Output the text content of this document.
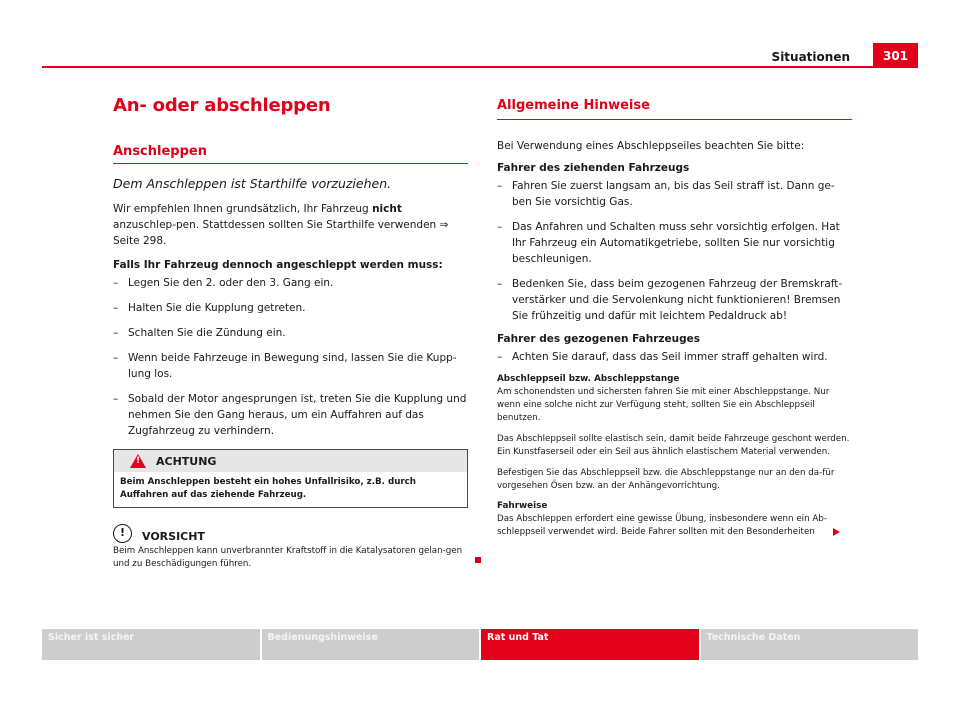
Situationen	301
An- oder abschleppen
Anschleppen
Dem Anschleppen ist Starthilfe vorzuziehen.

Wir empfehlen Ihnen grundsätzlich, Ihr Fahrzeug nicht anzuschlep-pen. Stattdessen sollten Sie Starthilfe verwenden ⇒ Seite 298.

Falls Ihr Fahrzeug dennoch angeschleppt werden muss:
– Legen Sie den 2. oder den 3. Gang ein.
– Halten Sie die Kupplung getreten.
– Schalten Sie die Zündung ein.
– Wenn beide Fahrzeuge in Bewegung sind, lassen Sie die Kupp-lung los.
– Sobald der Motor angesprungen ist, treten Sie die Kupplung und nehmen Sie den Gang heraus, um ein Auffahren auf das Zugfahrzeug zu verhindern.
! ACHTUNG
Beim Anschleppen besteht ein hohes Unfallrisiko, z.B. durch Auffahren auf das ziehende Fahrzeug.
!	VORSICHT

Beim Anschleppen kann unverbrannter Kraftstoff in die Katalysatoren gelan-gen und zu Beschädigungen führen.

Allgemeine Hinweise

Bei Verwendung eines Abschleppseiles beachten Sie bitte:

Fahrer des ziehenden Fahrzeugs
– Fahren Sie zuerst langsam an, bis das Seil straff ist. Dann ge-ben Sie vorsichtig Gas.
– Das Anfahren und Schalten muss sehr vorsichtig erfolgen. Hat Ihr Fahrzeug ein Automatikgetriebe, sollten Sie nur vorsichtig beschleunigen.
– Bedenken Sie, dass beim gezogenen Fahrzeug der Bremskraft-verstärker und die Servolenkung nicht funktionieren! Bremsen Sie frühzeitig und dafür mit leichtem Pedaldruck ab!
Fahrer des gezogenen Fahrzeuges
– Achten Sie darauf, dass das Seil immer straff gehalten wird.
Abschleppseil bzw. Abschleppstange

Am schonendsten und sichersten fahren Sie mit einer Abschleppstange. Nur wenn eine solche nicht zur Verfügung steht, sollten Sie ein Abschleppseil benutzen.

Das Abschleppseil sollte elastisch sein, damit beide Fahrzeuge geschont werden. Ein Kunstfaserseil oder ein Seil aus ähnlich elastischem Material verwenden.

Befestigen Sie das Abschleppseil bzw. die Abschleppstange nur an den da-für vorgesehen Ösen bzw. an der Anhängevorrichtung.

Fahrweise

Das Abschleppen erfordert eine gewisse Übung, insbesondere wenn ein Ab-schleppseil verwendet wird. Beide Fahrer sollten mit den Besonderheiten

Sicher ist sicher	Bedienungshinweise	Rat und Tat	Technische Daten
